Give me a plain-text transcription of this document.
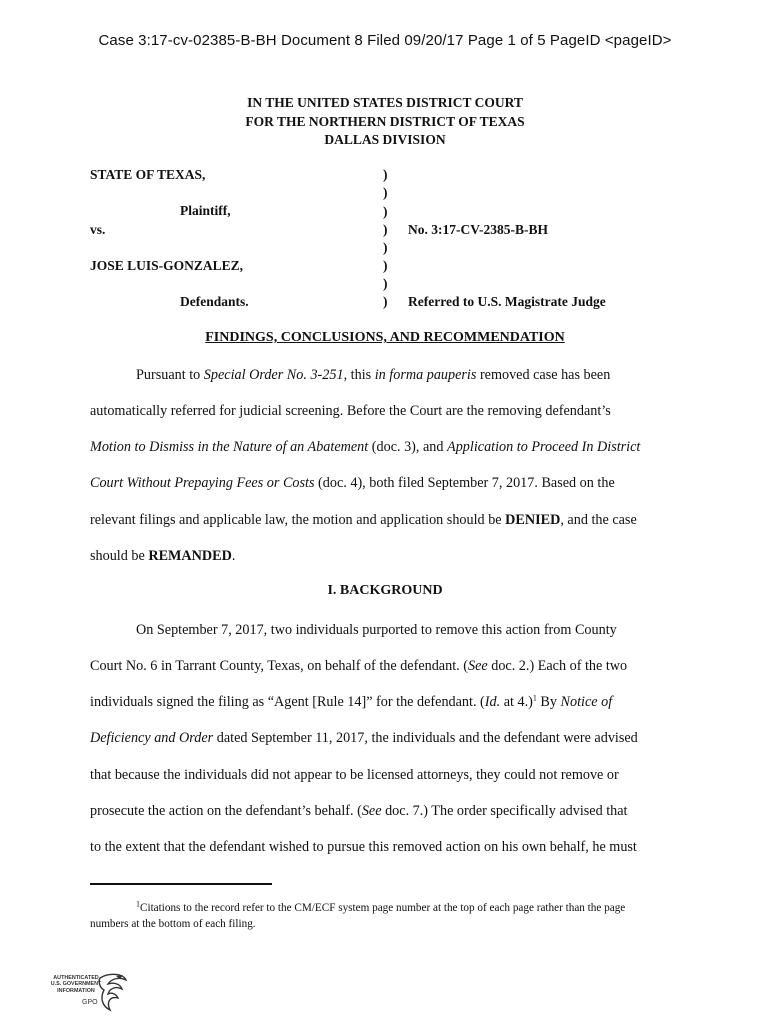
Case 3:17-cv-02385-B-BH Document 8 Filed 09/20/17 Page 1 of 5 PageID <pageID>
IN THE UNITED STATES DISTRICT COURT
FOR THE NORTHERN DISTRICT OF TEXAS
DALLAS DIVISION
STATE OF TEXAS,
Plaintiff,
vs.
JOSE LUIS-GONZALEZ,
Defendants.
)
)
)
)
)
)
)
)
No. 3:17-CV-2385-B-BH
Referred to U.S. Magistrate Judge
FINDINGS, CONCLUSIONS, AND RECOMMENDATION
Pursuant to Special Order No. 3-251, this in forma pauperis removed case has been
automatically referred for judicial screening. Before the Court are the removing defendant’s
Motion to Dismiss in the Nature of an Abatement (doc. 3), and Application to Proceed In District
Court Without Prepaying Fees or Costs (doc. 4), both filed September 7, 2017. Based on the
relevant filings and applicable law, the motion and application should be DENIED, and the case
should be REMANDED.
I. BACKGROUND
On September 7, 2017, two individuals purported to remove this action from County
Court No. 6 in Tarrant County, Texas, on behalf of the defendant. (See doc. 2.) Each of the two
individuals signed the filing as “Agent [Rule 14]” for the defendant. (Id. at 4.)$^1$ By Notice of
Deficiency and Order dated September 11, 2017, the individuals and the defendant were advised
that because the individuals did not appear to be licensed attorneys, they could not remove or
prosecute the action on the defendant’s behalf. (See doc. 7.) The order specifically advised that
to the extent that the defendant wished to pursue this removed action on his own behalf, he must
$^1$Citations to the record refer to the CM/ECF system page number at the top of each page rather than the page
numbers at the bottom of each filing.
AUTHENTICATED
U.S. GOVERNMENT
INFORMATION
GPO
